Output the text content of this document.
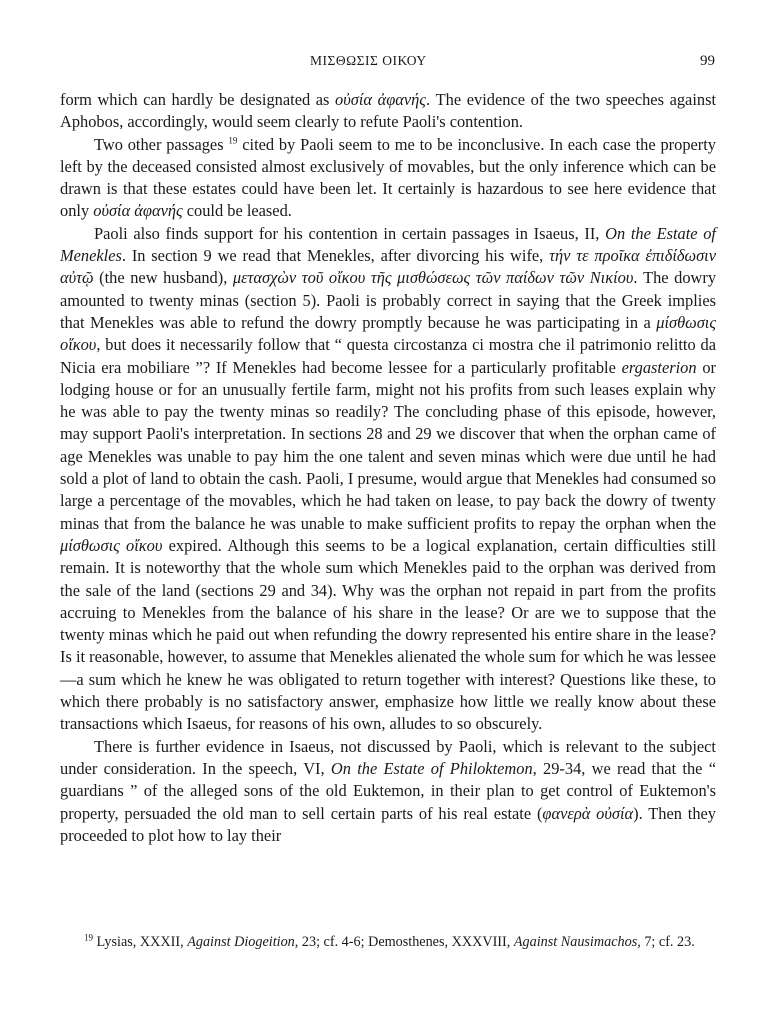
ΜΙΣΘΩΣΙΣ ΟΙΚΟΥ	99

form which can hardly be designated as οὐσία ἀφανής. The evidence of the two speeches against Aphobos, accordingly, would seem clearly to refute Paoli's contention.

Two other passages $^{19}$ cited by Paoli seem to me to be inconclusive. In each case the property left by the deceased consisted almost exclusively of movables, but the only inference which can be drawn is that these estates could have been let. It certainly is hazardous to see here evidence that only οὐσία ἀφανής could be leased.

Paoli also finds support for his contention in certain passages in Isaeus, II, On the Estate of Menekles. In section 9 we read that Menekles, after divorcing his wife, τήν τε προῖκα ἐπιδίδωσιν αὐτῷ (the new husband), μετασχὼν τοῦ οἴκου τῆς μισθώσεως τῶν παίδων τῶν Νικίου. The dowry amounted to twenty minas (section 5). Paoli is probably correct in saying that the Greek implies that Menekles was able to refund the dowry promptly because he was participating in a μίσθωσις οἴκου, but does it necessarily follow that “ questa circostanza ci mostra che il patrimonio relitto da Nicia era mobiliare ”? If Menekles had become lessee for a particularly profitable ergasterion or lodging house or for an unusually fertile farm, might not his profits from such leases explain why he was able to pay the twenty minas so readily? The concluding phase of this episode, however, may support Paoli's interpretation. In sections 28 and 29 we discover that when the orphan came of age Menekles was unable to pay him the one talent and seven minas which were due until he had sold a plot of land to obtain the cash. Paoli, I presume, would argue that Menekles had consumed so large a percentage of the movables, which he had taken on lease, to pay back the dowry of twenty minas that from the balance he was unable to make sufficient profits to repay the orphan when the μίσθωσις οἴκου expired. Although this seems to be a logical explanation, certain difficulties still remain. It is noteworthy that the whole sum which Menekles paid to the orphan was derived from the sale of the land (sections 29 and 34). Why was the orphan not repaid in part from the profits accruing to Menekles from the balance of his share in the lease? Or are we to suppose that the twenty minas which he paid out when refunding the dowry represented his entire share in the lease? Is it reasonable, however, to assume that Menekles alienated the whole sum for which he was lessee—a sum which he knew he was obligated to return together with interest? Questions like these, to which there probably is no satisfactory answer, emphasize how little we really know about these transactions which Isaeus, for reasons of his own, alludes to so obscurely.

There is further evidence in Isaeus, not discussed by Paoli, which is relevant to the subject under consideration. In the speech, VI, On the Estate of Philoktemon, 29-34, we read that the “ guardians ” of the alleged sons of the old Euktemon, in their plan to get control of Euktemon's property, persuaded the old man to sell certain parts of his real estate (φανερὰ οὐσία). Then they proceeded to plot how to lay their

$^{19}$ Lysias, XXXII, Against Diogeition, 23; cf. 4-6; Demosthenes, XXXVIII, Against Nausimachos, 7; cf. 23.
